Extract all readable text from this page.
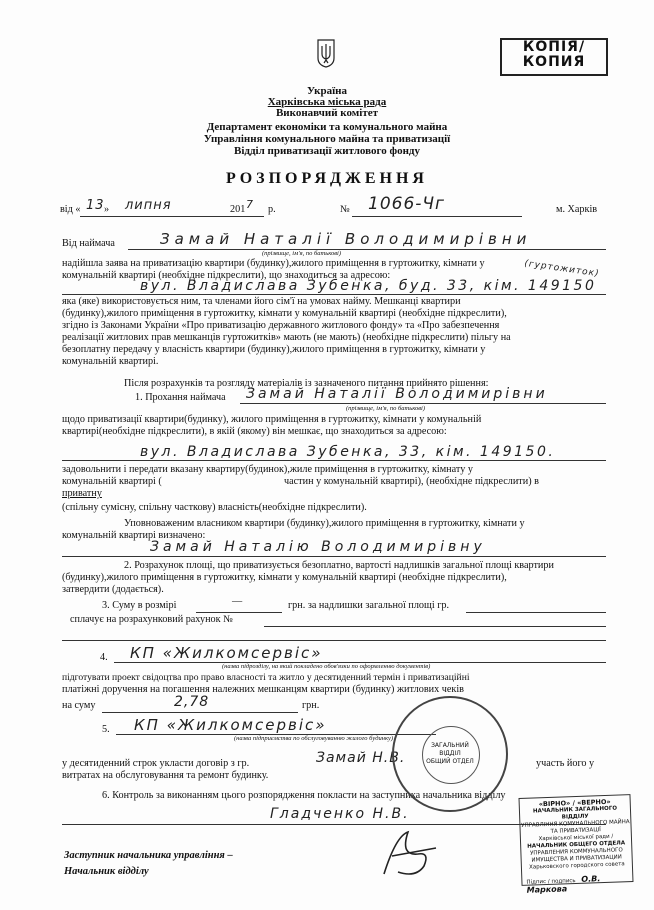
КОПІЯ/
КОПИЯ
Україна
Харківська міська рада
Виконавчий комітет
Департамент економіки та комунального майна
Управління комунального майна та приватизації
Відділ приватизації житлового фонду
РОЗПОРЯДЖЕННЯ
від « 13 » липня	201 7 р.	№ 1066-Чг	м. Харків
Від наймача	Замай Наталії Володимирівни
(прізвище, ім'я, по батькові)
надійшла заява на приватизацію квартири (будинку),жилого приміщення в гуртожитку, кімнати у
комунальній квартирі (необхідне підкреслити), що знаходиться за адресою:	(гуртожиток)
вул. Владислава Зубенка, буд. 33, кім. 149150
яка (яке) використовується ним, та членами його сім'ї на умовах найму. Мешканці квартири
(будинку),жилого приміщення в гуртожитку, кімнати у комунальній квартирі (необхідне підкреслити),
згідно із Законами України «Про приватизацію державного житлового фонду» та «Про забезпечення
реалізації житлових прав мешканців гуртожитків» мають (не мають) (необхідне підкреслити) пільгу на
безоплатну передачу у власність квартири (будинку),жилого приміщення в гуртожитку, кімнати у
комунальній квартирі.
Після розрахунків та розгляду матеріалів із зазначеного питання прийнято рішення:
1. Прохання наймача Замай Наталії Володимирівни
(прізвище, ім'я, по батькові)
щодо приватизації квартири(будинку), жилого приміщення в гуртожитку, кімнати у комунальній
квартирі(необхідне підкреслити), в якій (якому) він мешкає, що знаходиться за адресою:
вул. Владислава Зубенка, 33, кім. 149150.
задовольнити і передати вказану квартиру(будинок),жиле приміщення в гуртожитку, кімнату у
комунальній квартирі (	частин у комунальній квартирі), (необхідне підкреслити) в
приватну
(спільну сумісну, спільну часткову) власність(необхідне підкреслити).
Уповноваженим власником квартири (будинку),жилого приміщення в гуртожитку, кімнати у
комунальній квартирі визначено:
Замай Наталію Володимирівну
2. Розрахунок площі, що приватизується безоплатно, вартості надлишків загальної площі квартири
(будинку),жилого приміщення в гуртожитку, кімнати у комунальній квартирі (необхідне підкреслити),
затвердити (додається).
3. Суму в розмірі	—	грн. за надлишки загальної площі гр.
сплачує на розрахунковий рахунок №
4. КП «Жилкомсервіс»
(назва підрозділу, на який покладено обов'язки по оформленню документів)
підготувати проект свідоцтва про право власності та житло у десятиденний термін і приватизаційні
платіжні доручення на погашення належних мешканцям квартири (будинку) житлових чеків
на суму	2,78	грн.
5. КП «Жилкомсервіс»
(назва підприємства по обслуговуванню жилого будинку)
у десятиденний строк укласти договір з гр.	Замай Н.В.	участь його у
витратах на обслуговування та ремонт будинку.
6. Контроль за виконанням цього розпорядження покласти на заступника начальника відділу
Гладченко Н.В.
Заступник начальника управління –
Начальник відділу
ЗАГАЛЬНИЙ
ВІДДІЛ
ОБЩИЙ ОТДЕЛ
«ВІРНО» / «ВЕРНО»
НАЧАЛЬНИК ЗАГАЛЬНОГО ВІДДІЛУ
УПРАВЛІННЯ КОМУНАЛЬНОГО МАЙНА ТА ПРИВАТИЗАЦІЇ
Харківської міської ради /
НАЧАЛЬНИК ОБЩЕГО ОТДЕЛА
УПРАВЛЕНИЯ КОММУНАЛЬНОГО ИМУЩЕСТВА И ПРИВАТИЗАЦИИ
Харьковского городского совета
Підпис / подпись О.В. Маркова
